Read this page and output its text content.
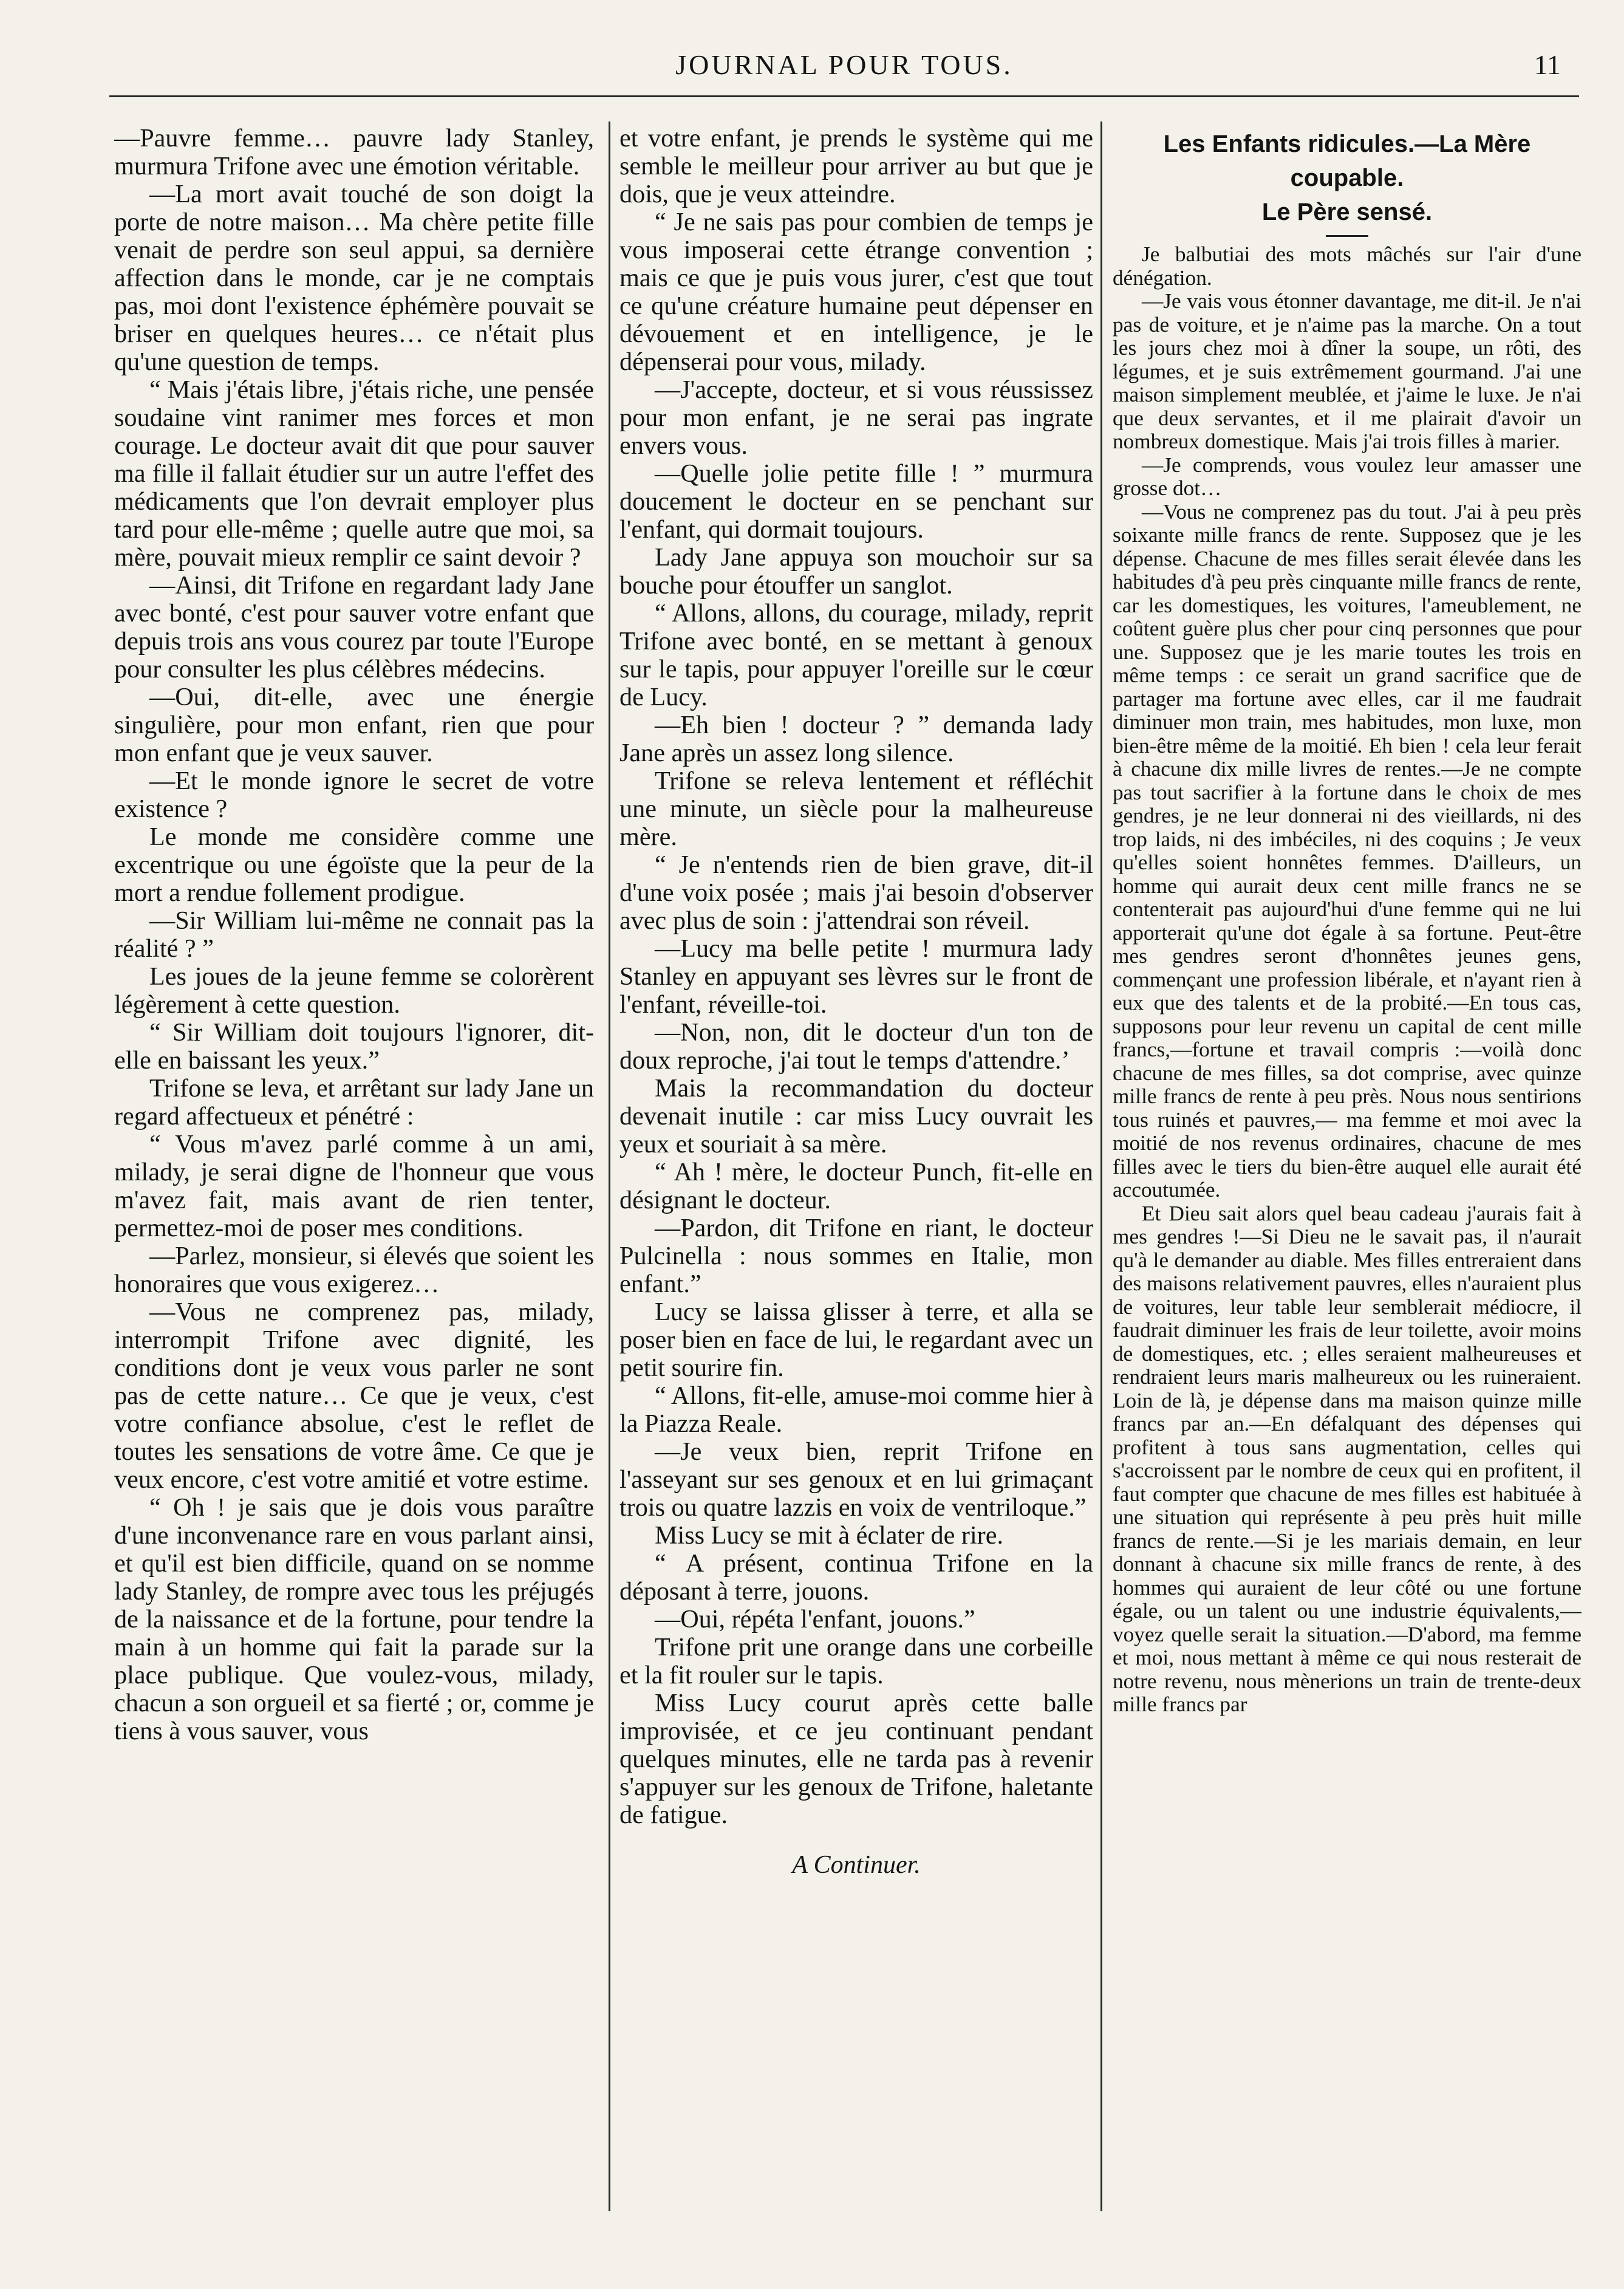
JOURNAL POUR TOUS.	11

—Pauvre femme… pauvre lady Stanley, murmura Trifone avec une émotion véritable.

—La mort avait touché de son doigt la porte de notre maison… Ma chère petite fille venait de perdre son seul appui, sa dernière affection dans le monde, car je ne comptais pas, moi dont l'existence éphémère pouvait se briser en quelques heures… ce n'était plus qu'une question de temps.

“ Mais j'étais libre, j'étais riche, une pensée soudaine vint ranimer mes forces et mon courage. Le docteur avait dit que pour sauver ma fille il fallait étudier sur un autre l'effet des médicaments que l'on devrait employer plus tard pour elle-même ; quelle autre que moi, sa mère, pouvait mieux remplir ce saint devoir ?

—Ainsi, dit Trifone en regardant lady Jane avec bonté, c'est pour sauver votre enfant que depuis trois ans vous courez par toute l'Europe pour consulter les plus célèbres médecins.

—Oui, dit-elle, avec une énergie singulière, pour mon enfant, rien que pour mon enfant que je veux sauver.

—Et le monde ignore le secret de votre existence ?

Le monde me considère comme une excentrique ou une égoïste que la peur de la mort a rendue follement prodigue.

—Sir William lui-même ne connait pas la réalité ? ”

Les joues de la jeune femme se colorèrent légèrement à cette question.

“ Sir William doit toujours l'ignorer, dit-elle en baissant les yeux.”

Trifone se leva, et arrêtant sur lady Jane un regard affectueux et pénétré :

“ Vous m'avez parlé comme à un ami, milady, je serai digne de l'honneur que vous m'avez fait, mais avant de rien tenter, permettez-moi de poser mes conditions.

—Parlez, monsieur, si élevés que soient les honoraires que vous exigerez…

—Vous ne comprenez pas, milady, interrompit Trifone avec dignité, les conditions dont je veux vous parler ne sont pas de cette nature… Ce que je veux, c'est votre confiance absolue, c'est le reflet de toutes les sensations de votre âme. Ce que je veux encore, c'est votre amitié et votre estime.

“ Oh ! je sais que je dois vous paraître d'une inconvenance rare en vous parlant ainsi, et qu'il est bien difficile, quand on se nomme lady Stanley, de rompre avec tous les préjugés de la naissance et de la fortune, pour tendre la main à un homme qui fait la parade sur la place publique. Que voulez-vous, milady, chacun a son orgueil et sa fierté ; or, comme je tiens à vous sauver, vous

et votre enfant, je prends le système qui me semble le meilleur pour arriver au but que je dois, que je veux atteindre.

“ Je ne sais pas pour combien de temps je vous imposerai cette étrange convention ; mais ce que je puis vous jurer, c'est que tout ce qu'une créature humaine peut dépenser en dévouement et en intelligence, je le dépenserai pour vous, milady.

—J'accepte, docteur, et si vous réussissez pour mon enfant, je ne serai pas ingrate envers vous.

—Quelle jolie petite fille ! ” murmura doucement le docteur en se penchant sur l'enfant, qui dormait toujours.

Lady Jane appuya son mouchoir sur sa bouche pour étouffer un sanglot.

“ Allons, allons, du courage, milady, reprit Trifone avec bonté, en se mettant à genoux sur le tapis, pour appuyer l'oreille sur le cœur de Lucy.

—Eh bien ! docteur ? ” demanda lady Jane après un assez long silence.

Trifone se releva lentement et réfléchit une minute, un siècle pour la malheureuse mère.

“ Je n'entends rien de bien grave, dit-il d'une voix posée ; mais j'ai besoin d'observer avec plus de soin : j'attendrai son réveil.

—Lucy ma belle petite ! murmura lady Stanley en appuyant ses lèvres sur le front de l'enfant, réveille-toi.

—Non, non, dit le docteur d'un ton de doux reproche, j'ai tout le temps d'attendre.’

Mais la recommandation du docteur devenait inutile : car miss Lucy ouvrait les yeux et souriait à sa mère.

“ Ah ! mère, le docteur Punch, fit-elle en désignant le docteur.

—Pardon, dit Trifone en riant, le docteur Pulcinella : nous sommes en Italie, mon enfant.”

Lucy se laissa glisser à terre, et alla se poser bien en face de lui, le regardant avec un petit sourire fin.

“ Allons, fit-elle, amuse-moi comme hier à la Piazza Reale.

—Je veux bien, reprit Trifone en l'asseyant sur ses genoux et en lui grimaçant trois ou quatre lazzis en voix de ventriloque.”

Miss Lucy se mit à éclater de rire.

“ A présent, continua Trifone en la déposant à terre, jouons.

—Oui, répéta l'enfant, jouons.”

Trifone prit une orange dans une corbeille et la fit rouler sur le tapis.

Miss Lucy courut après cette balle improvisée, et ce jeu continuant pendant quelques minutes, elle ne tarda pas à revenir s'appuyer sur les genoux de Trifone, haletante de fatigue.

A Continuer.
Les Enfants ridicules.—La Mère coupable.
Le Père sensé.

Je balbutiai des mots mâchés sur l'air d'une dénégation.

—Je vais vous étonner davantage, me dit-il. Je n'ai pas de voiture, et je n'aime pas la marche. On a tout les jours chez moi à dîner la soupe, un rôti, des légumes, et je suis extrêmement gourmand. J'ai une maison simplement meublée, et j'aime le luxe. Je n'ai que deux servantes, et il me plairait d'avoir un nombreux domestique. Mais j'ai trois filles à marier.

—Je comprends, vous voulez leur amasser une grosse dot…

—Vous ne comprenez pas du tout. J'ai à peu près soixante mille francs de rente. Supposez que je les dépense. Chacune de mes filles serait élevée dans les habitudes d'à peu près cinquante mille francs de rente, car les domestiques, les voitures, l'ameublement, ne coûtent guère plus cher pour cinq personnes que pour une. Supposez que je les marie toutes les trois en même temps : ce serait un grand sacrifice que de partager ma fortune avec elles, car il me faudrait diminuer mon train, mes habitudes, mon luxe, mon bien-être même de la moitié. Eh bien ! cela leur ferait à chacune dix mille livres de rentes.—Je ne compte pas tout sacrifier à la fortune dans le choix de mes gendres, je ne leur donnerai ni des vieillards, ni des trop laids, ni des imbéciles, ni des coquins ; Je veux qu'elles soient honnêtes femmes. D'ailleurs, un homme qui aurait deux cent mille francs ne se contenterait pas aujourd'hui d'une femme qui ne lui apporterait qu'une dot égale à sa fortune. Peut-être mes gendres seront d'honnêtes jeunes gens, commençant une profession libérale, et n'ayant rien à eux que des talents et de la probité.—En tous cas, supposons pour leur revenu un capital de cent mille francs,—fortune et travail compris :—voilà donc chacune de mes filles, sa dot comprise, avec quinze mille francs de rente à peu près. Nous nous sentirions tous ruinés et pauvres,— ma femme et moi avec la moitié de nos revenus ordinaires, chacune de mes filles avec le tiers du bien-être auquel elle aurait été accoutumée.

Et Dieu sait alors quel beau cadeau j'aurais fait à mes gendres !—Si Dieu ne le savait pas, il n'aurait qu'à le demander au diable. Mes filles entreraient dans des maisons relativement pauvres, elles n'auraient plus de voitures, leur table leur semblerait médiocre, il faudrait diminuer les frais de leur toilette, avoir moins de domestiques, etc. ; elles seraient malheureuses et rendraient leurs maris malheureux ou les ruineraient. Loin de là, je dépense dans ma maison quinze mille francs par an.—En défalquant des dépenses qui profitent à tous sans augmentation, celles qui s'accroissent par le nombre de ceux qui en profitent, il faut compter que chacune de mes filles est habituée à une situation qui représente à peu près huit mille francs de rente.—Si je les mariais demain, en leur donnant à chacune six mille francs de rente, à des hommes qui auraient de leur côté ou une fortune égale, ou un talent ou une industrie équivalents,—voyez quelle serait la situation.—D'abord, ma femme et moi, nous mettant à même ce qui nous resterait de notre revenu, nous mènerions un train de trente-deux mille francs par
